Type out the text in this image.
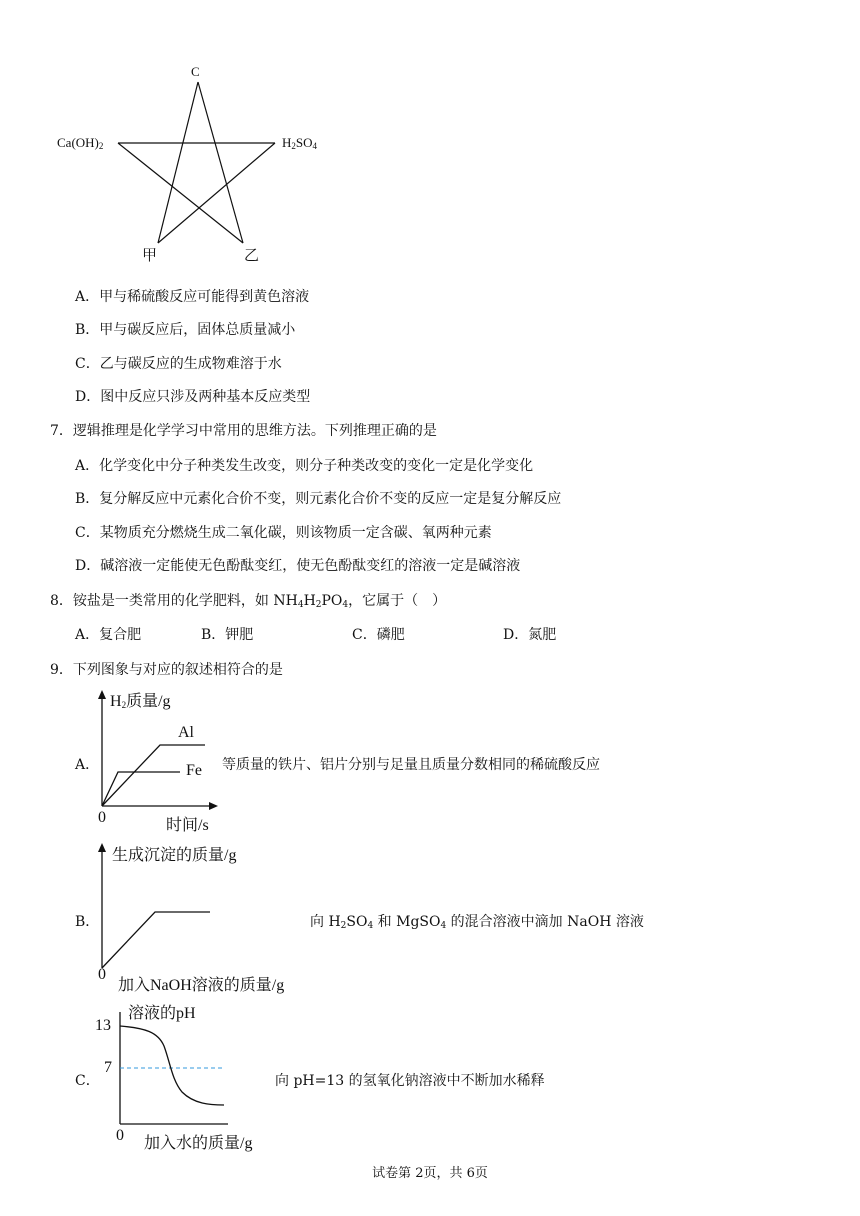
C
$Ca(OH)_2$	$H_2SO_4$
甲	乙
A．甲与稀硫酸反应可能得到黄色溶液
B．甲与碳反应后，固体总质量减小
C．乙与碳反应的生成物难溶于水
D．图中反应只涉及两种基本反应类型
7．逻辑推理是化学学习中常用的思维方法。下列推理正确的是
A．化学变化中分子种类发生改变，则分子种类改变的变化一定是化学变化
B．复分解反应中元素化合价不变，则元素化合价不变的反应一定是复分解反应
C．某物质充分燃烧生成二氧化碳，则该物质一定含碳、氧两种元素
D．碱溶液一定能使无色酚酞变红，使无色酚酞变红的溶液一定是碱溶液
8．铵盐是一类常用的化学肥料，如 $NH_4H_2PO_4$，它属于（　）
A．复合肥	B．钾肥	C．磷肥	D．氮肥
9．下列图象与对应的叙述相符合的是
A．
$H_2$质量/g
Al
Fe
0	时间/s
等质量的铁片、铝片分别与足量且质量分数相同的稀硫酸反应
B．
生成沉淀的质量/g
0
加入NaOH溶液的质量/g
向 $H_2SO_4$ 和 MgSO$_4$ 的混合溶液中滴加 NaOH 溶液
C．
溶液的pH
13
7
0 加入水的质量/g
向 pH=13 的氢氧化钠溶液中不断加水稀释
试卷第 2页，共 6页
